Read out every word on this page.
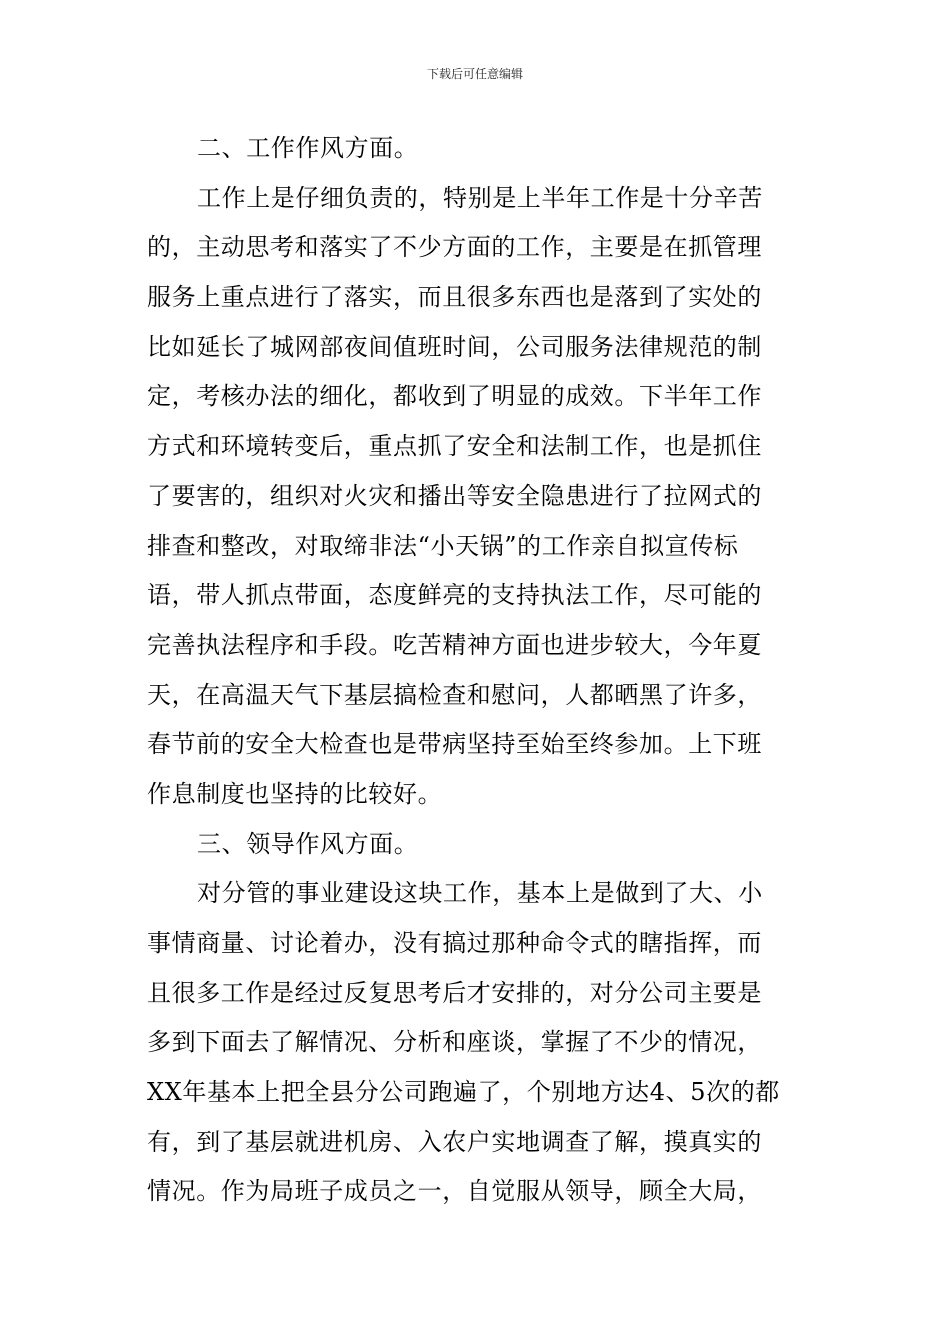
下载后可任意编辑
二、工作作风方面。
工作上是仔细负责的，特别是上半年工作是十分辛苦
的，主动思考和落实了不少方面的工作，主要是在抓管理
服务上重点进行了落实，而且很多东西也是落到了实处的
比如延长了城网部夜间值班时间，公司服务法律规范的制
定，考核办法的细化，都收到了明显的成效。下半年工作
方式和环境转变后，重点抓了安全和法制工作，也是抓住
了要害的，组织对火灾和播出等安全隐患进行了拉网式的
排查和整改，对取缔非法“小天锅”的工作亲自拟宣传标
语，带人抓点带面，态度鲜亮的支持执法工作，尽可能的
完善执法程序和手段。吃苦精神方面也进步较大，今年夏
天，在高温天气下基层搞检查和慰问，人都晒黑了许多，
春节前的安全大检查也是带病坚持至始至终参加。上下班
作息制度也坚持的比较好。
三、领导作风方面。
对分管的事业建设这块工作，基本上是做到了大、小
事情商量、讨论着办，没有搞过那种命令式的瞎指挥，而
且很多工作是经过反复思考后才安排的，对分公司主要是
多到下面去了解情况、分析和座谈，掌握了不少的情况，
XX年基本上把全县分公司跑遍了，个别地方达4、5次的都
有，到了基层就进机房、入农户实地调查了解，摸真实的
情况。作为局班子成员之一，自觉服从领导，顾全大局，
